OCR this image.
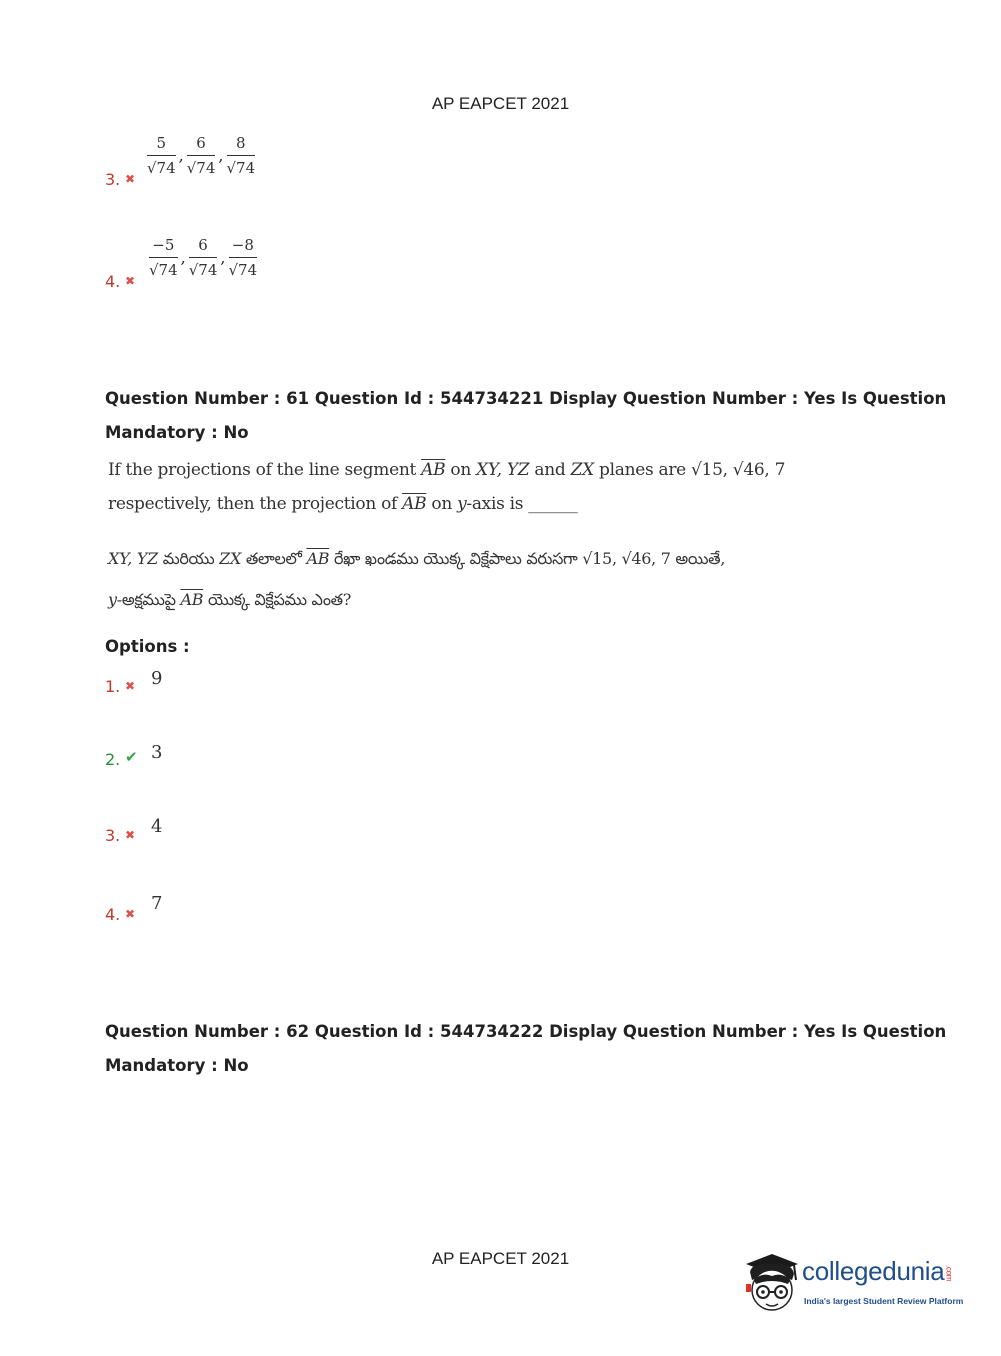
AP EAPCET 2021
3. ✖
$\frac{5}{√74}$ , $\frac{6}{√74}$ , $\frac{8}{√74}$
4. ✖
$\frac{-5}{√74}$ , $\frac{6}{√74}$ , $\frac{-8}{√74}$
Question Number : 61 Question Id : 544734221 Display Question Number : Yes Is Question
Mandatory : No
If the projections of the line segment $\overline{AB}$ on XY, YZ and ZX planes are √15, √46, 7
respectively, then the projection of $\overline{AB}$ on y-axis is ______
XY, YZ మరియు ZX తలాలలో $\overline{AB}$ రేఖా ఖండము యొక్క విక్షేపాలు వరుసగా √15, √46, 7 అయితే,
y-అక్షముపై $\overline{AB}$ యొక్క విక్షేపము ఎంత?
Options :
1. ✖ 9
2. ✔ 3
3. ✖ 4
4. ✖ 7
Question Number : 62 Question Id : 544734222 Display Question Number : Yes Is Question
Mandatory : No
AP EAPCET 2021	collegedunia.com
India's largest Student Review Platform
